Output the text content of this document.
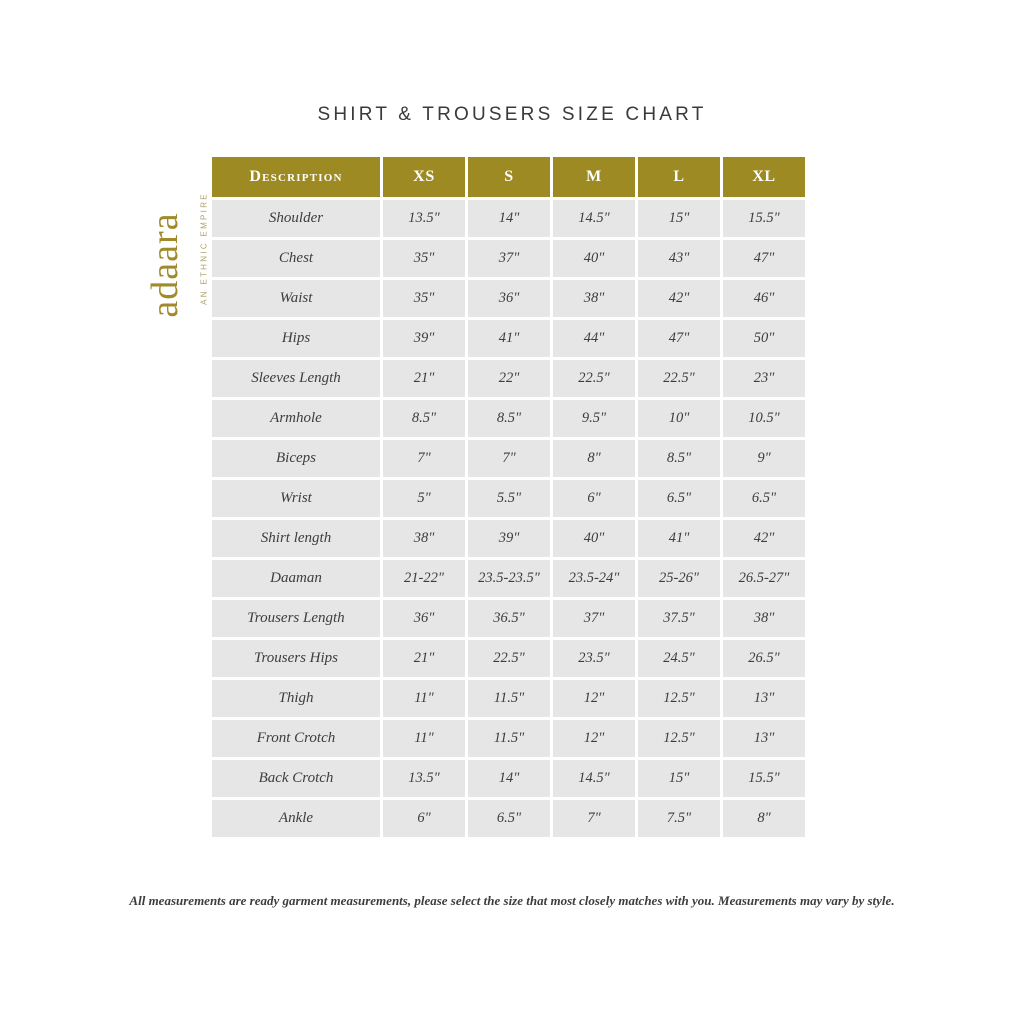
SHIRT & TROUSERS SIZE CHART
adaara AN ETHNIC EMPIRE
Description	XS	S	M	L	XL
Shoulder	13.5"	14"	14.5"	15"	15.5"
Chest	35"	37"	40"	43"	47"
Waist	35"	36"	38"	42"	46"
Hips	39"	41"	44"	47"	50"
Sleeves Length	21"	22"	22.5"	22.5"	23"
Armhole	8.5"	8.5"	9.5"	10"	10.5"
Biceps	7"	7"	8"	8.5"	9"
Wrist	5"	5.5"	6"	6.5"	6.5"
Shirt length	38"	39"	40"	41"	42"
Daaman	21-22"	23.5-23.5"	23.5-24"	25-26"	26.5-27"
Trousers Length	36"	36.5"	37"	37.5"	38"
Trousers Hips	21"	22.5"	23.5"	24.5"	26.5"
Thigh	11"	11.5"	12"	12.5"	13"
Front Crotch	11"	11.5"	12"	12.5"	13"
Back Crotch	13.5"	14"	14.5"	15"	15.5"
Ankle	6"	6.5"	7"	7.5"	8"
All measurements are ready garment measurements, please select the size that most closely matches with you. Measurements may vary by style.
